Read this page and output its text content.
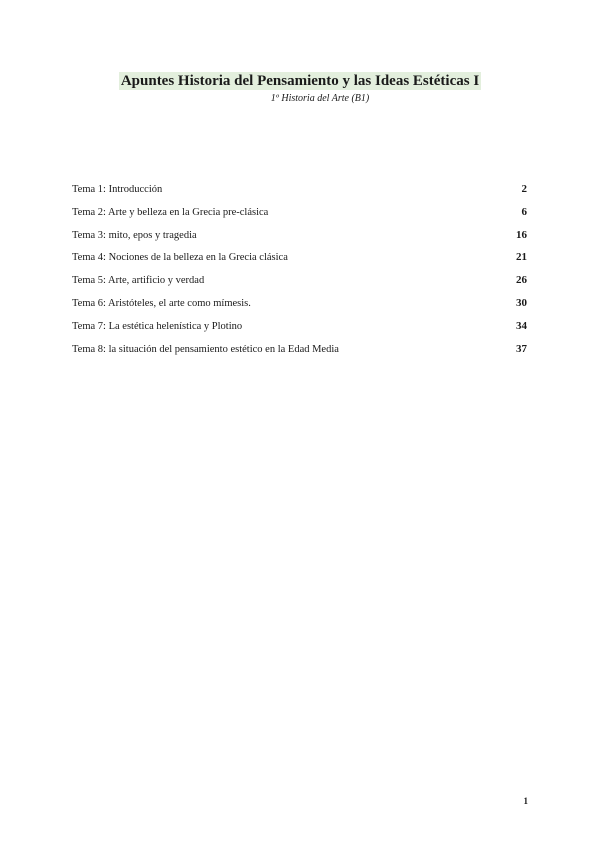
Apuntes Historia del Pensamiento y las Ideas Estéticas I
1º Historia del Arte (B1)
Tema 1: Introducción	2
Tema 2: Arte y belleza en la Grecia pre-clásica	6
Tema 3: mito, epos y tragedia	16
Tema 4: Nociones de la belleza en la Grecia clásica	21
Tema 5: Arte, artificio y verdad	26
Tema 6: Aristóteles, el arte como mímesis.	30
Tema 7: La estética helenística y Plotino	34
Tema 8: la situación del pensamiento estético en la Edad Media	37
1
